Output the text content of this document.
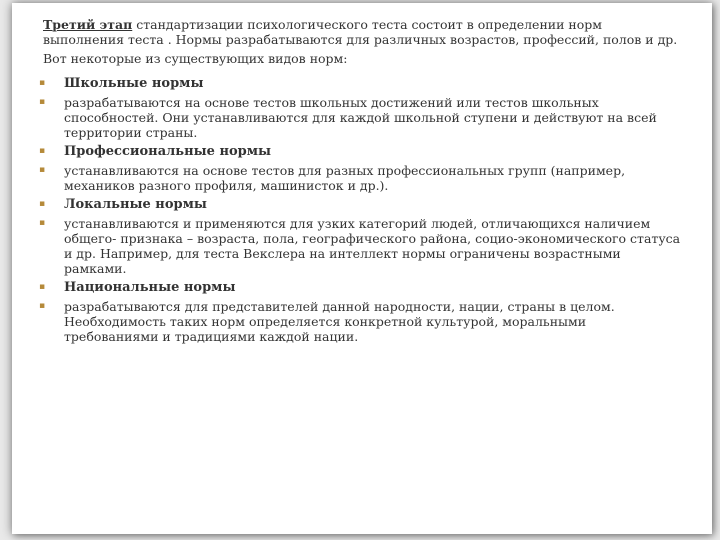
Третий этап стандартизации психологического теста состоит в определении норм выполнения теста . Нормы разрабатываются для различных возрастов, профессий, полов и др.

Вот некоторые из существующих видов норм:

▪ Школьные нормы
▪ разрабатываются на основе тестов школьных достижений или тестов школьных способностей. Они устанавливаются для каждой школьной ступени и действуют на всей территории страны.
▪ Профессиональные нормы
▪ устанавливаются на основе тестов для разных профессиональных групп (например, механиков разного профиля, машинисток и др.).
▪ Локальные нормы
▪ устанавливаются и применяются для узких категорий людей, отличающихся наличием общего- признака – возраста, пола, географического района, социо-экономического статуса и др. Например, для теста Векслера на интеллект нормы ограничены возрастными рамками.
▪ Национальные нормы
▪ разрабатываются для представителей данной народности, нации, страны в целом. Необходимость таких норм определяется конкретной культурой, моральными требованиями и традициями каждой нации.
